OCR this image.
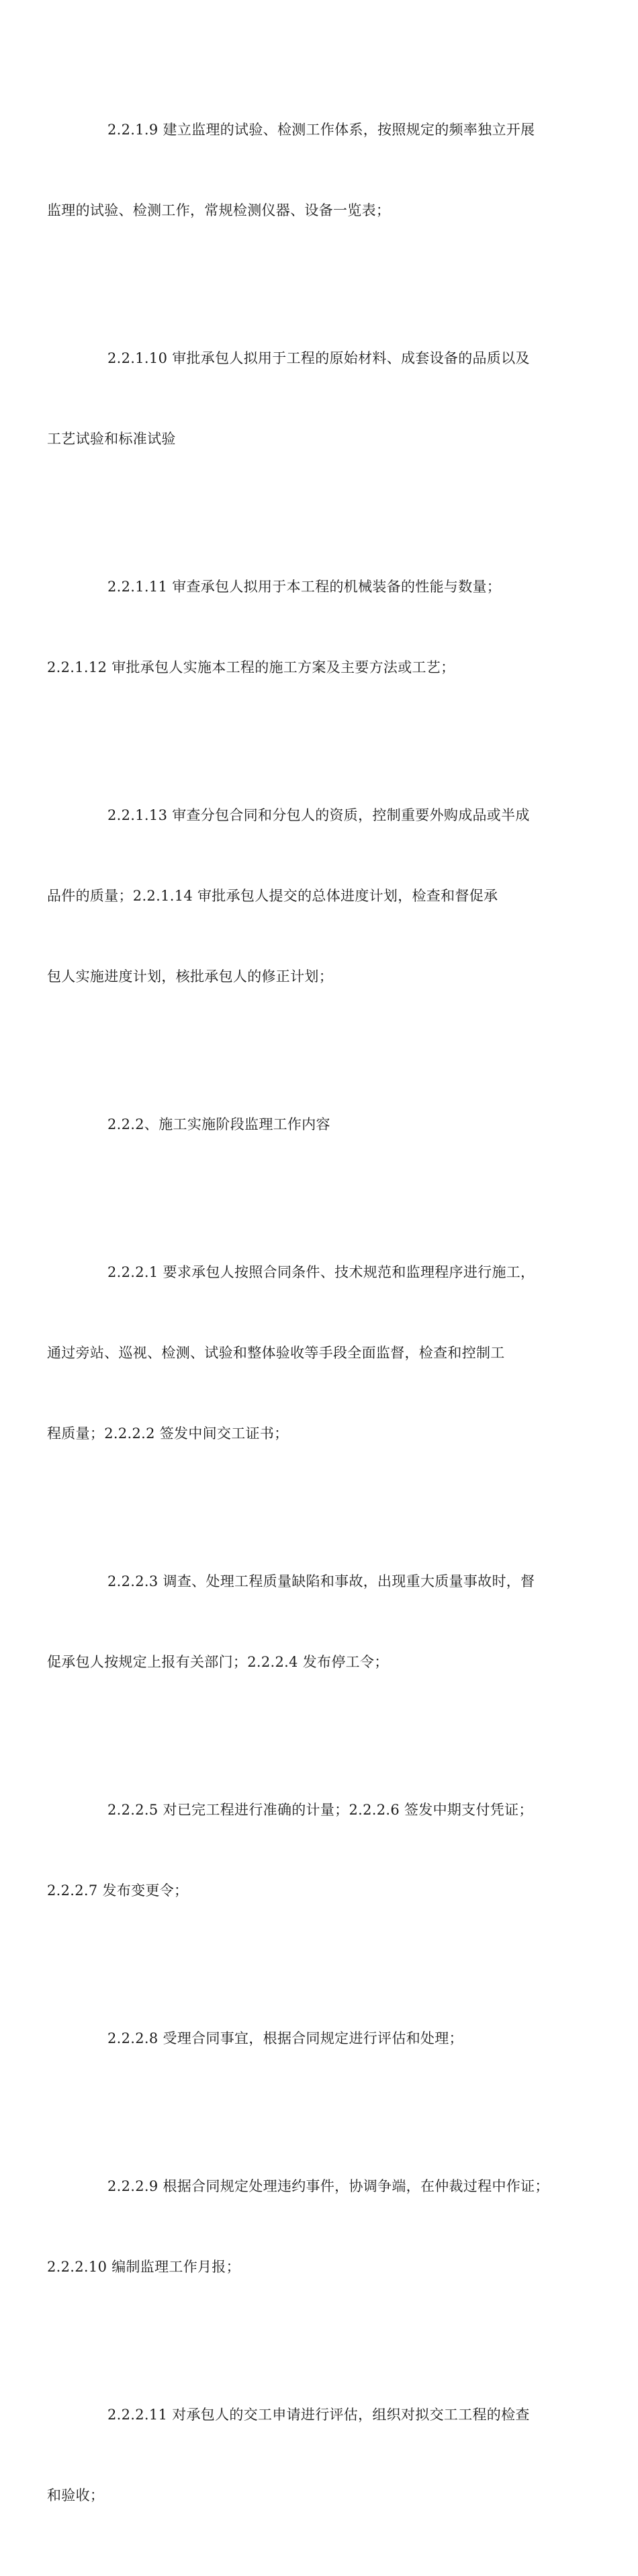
2.2.1.9 建立监理的试验、检测工作体系，按照规定的频率独立开展

监理的试验、检测工作，常规检测仪器、设备一览表；

2.2.1.10 审批承包人拟用于工程的原始材料、成套设备的品质以及

工艺试验和标准试验

2.2.1.11 审查承包人拟用于本工程的机械装备的性能与数量；

2.2.1.12 审批承包人实施本工程的施工方案及主要方法或工艺；

2.2.1.13 审查分包合同和分包人的资质，控制重要外购成品或半成

品件的质量；2.2.1.14 审批承包人提交的总体进度计划，检查和督促承

包人实施进度计划，核批承包人的修正计划；

2.2.2、施工实施阶段监理工作内容

2.2.2.1 要求承包人按照合同条件、技术规范和监理程序进行施工，

通过旁站、巡视、检测、试验和整体验收等手段全面监督，检查和控制工

程质量；2.2.2.2 签发中间交工证书；

2.2.2.3 调查、处理工程质量缺陷和事故，出现重大质量事故时，督

促承包人按规定上报有关部门；2.2.2.4 发布停工令；

2.2.2.5 对已完工程进行准确的计量；2.2.2.6 签发中期支付凭证；

2.2.2.7 发布变更令；

2.2.2.8 受理合同事宜，根据合同规定进行评估和处理；

2.2.2.9 根据合同规定处理违约事件，协调争端，在仲裁过程中作证；

2.2.2.10 编制监理工作月报；

2.2.2.11 对承包人的交工申请进行评估，组织对拟交工工程的检查

和验收；
